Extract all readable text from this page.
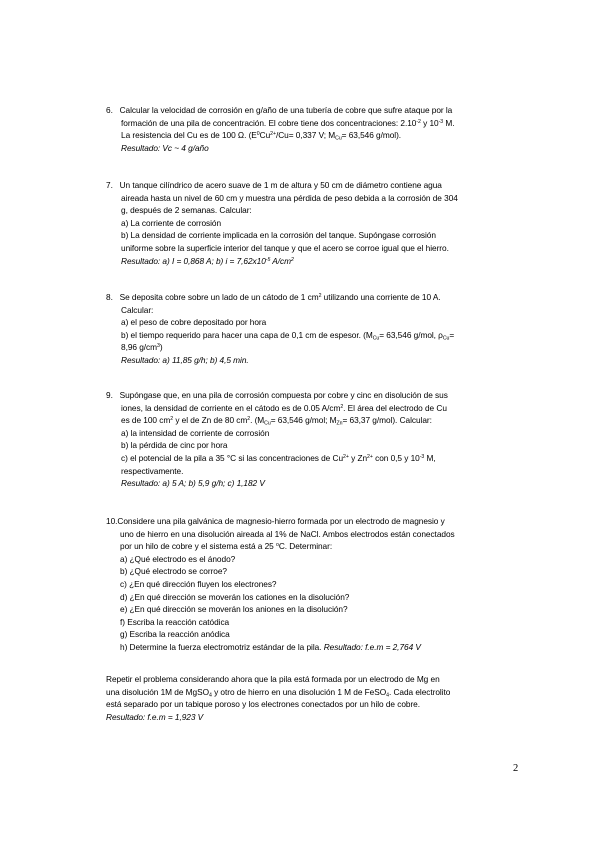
6. Calcular la velocidad de corrosión en g/año de una tubería de cobre que sufre ataque por la
formación de una pila de concentración. El cobre tiene dos concentraciones: $2.10^{-2}$ y $10^{-3}$ M.
La resistencia del Cu es de 100 Ω. ($E^0Cu^{2+}/Cu= 0,337$ V; $M_{Cu}= 63,546$ g/mol).
Resultado: Vc ~ 4 g/año
7. Un tanque cilíndrico de acero suave de 1 m de altura y 50 cm de diámetro contiene agua
aireada hasta un nivel de 60 cm y muestra una pérdida de peso debida a la corrosión de 304
g, después de 2 semanas. Calcular:
a) La corriente de corrosión
b) La densidad de corriente implicada en la corrosión del tanque. Supóngase corrosión
uniforme sobre la superficie interior del tanque y que el acero se corroe igual que el hierro.
Resultado: a) I = 0,868 A; b) $i = 7,62x10^{-5}$ $A/cm^2$
8. Se deposita cobre sobre un lado de un cátodo de 1 $cm^2$ utilizando una corriente de 10 A.
Calcular:
a) el peso de cobre depositado por hora
b) el tiempo requerido para hacer una capa de 0,1 cm de espesor. ($M_{Cu}= 63,546$ g/mol, $\rho_{Cu}=$
8,96 $g/cm^3$)
Resultado: a) 11,85 g/h; b) 4,5 min.
9. Supóngase que, en una pila de corrosión compuesta por cobre y cinc en disolución de sus
iones, la densidad de corriente en el cátodo es de 0.05 $A/cm^2$. El área del electrodo de Cu
es de 100 $cm^2$ y el de Zn de 80 $cm^2$. ($M_{Cu}= 63,546$ g/mol; $M_{Zn}= 63,37$ g/mol). Calcular:
a) la intensidad de corriente de corrosión
b) la pérdida de cinc por hora
c) el potencial de la pila a 35 °C si las concentraciones de $Cu^{2+}$ y $Zn^{2+}$ con 0,5 y $10^{-3}$ M,
respectivamente.
Resultado: a) 5 A; b) 5,9 g/h; c) 1,182 V
10.Considere una pila galvánica de magnesio-hierro formada por un electrodo de magnesio y
uno de hierro en una disolución aireada al 1% de NaCl. Ambos electrodos están conectados
por un hilo de cobre y el sistema está a 25 $^o$C. Determinar:
a) ¿Qué electrodo es el ánodo?
b) ¿Qué electrodo se corroe?
c) ¿En qué dirección fluyen los electrones?
d) ¿En qué dirección se moverán los cationes en la disolución?
e) ¿En qué dirección se moverán los aniones en la disolución?
f) Escriba la reacción catódica
g) Escriba la reacción anódica
h) Determine la fuerza electromotriz estándar de la pila. Resultado: f.e.m = 2,764 V
Repetir el problema considerando ahora que la pila está formada por un electrodo de Mg en
una disolución 1M de MgSO$_4$ y otro de hierro en una disolución 1 M de FeSO$_4$. Cada electrolito
está separado por un tabique poroso y los electrones conectados por un hilo de cobre.
Resultado: f.e.m = 1,923 V
2
